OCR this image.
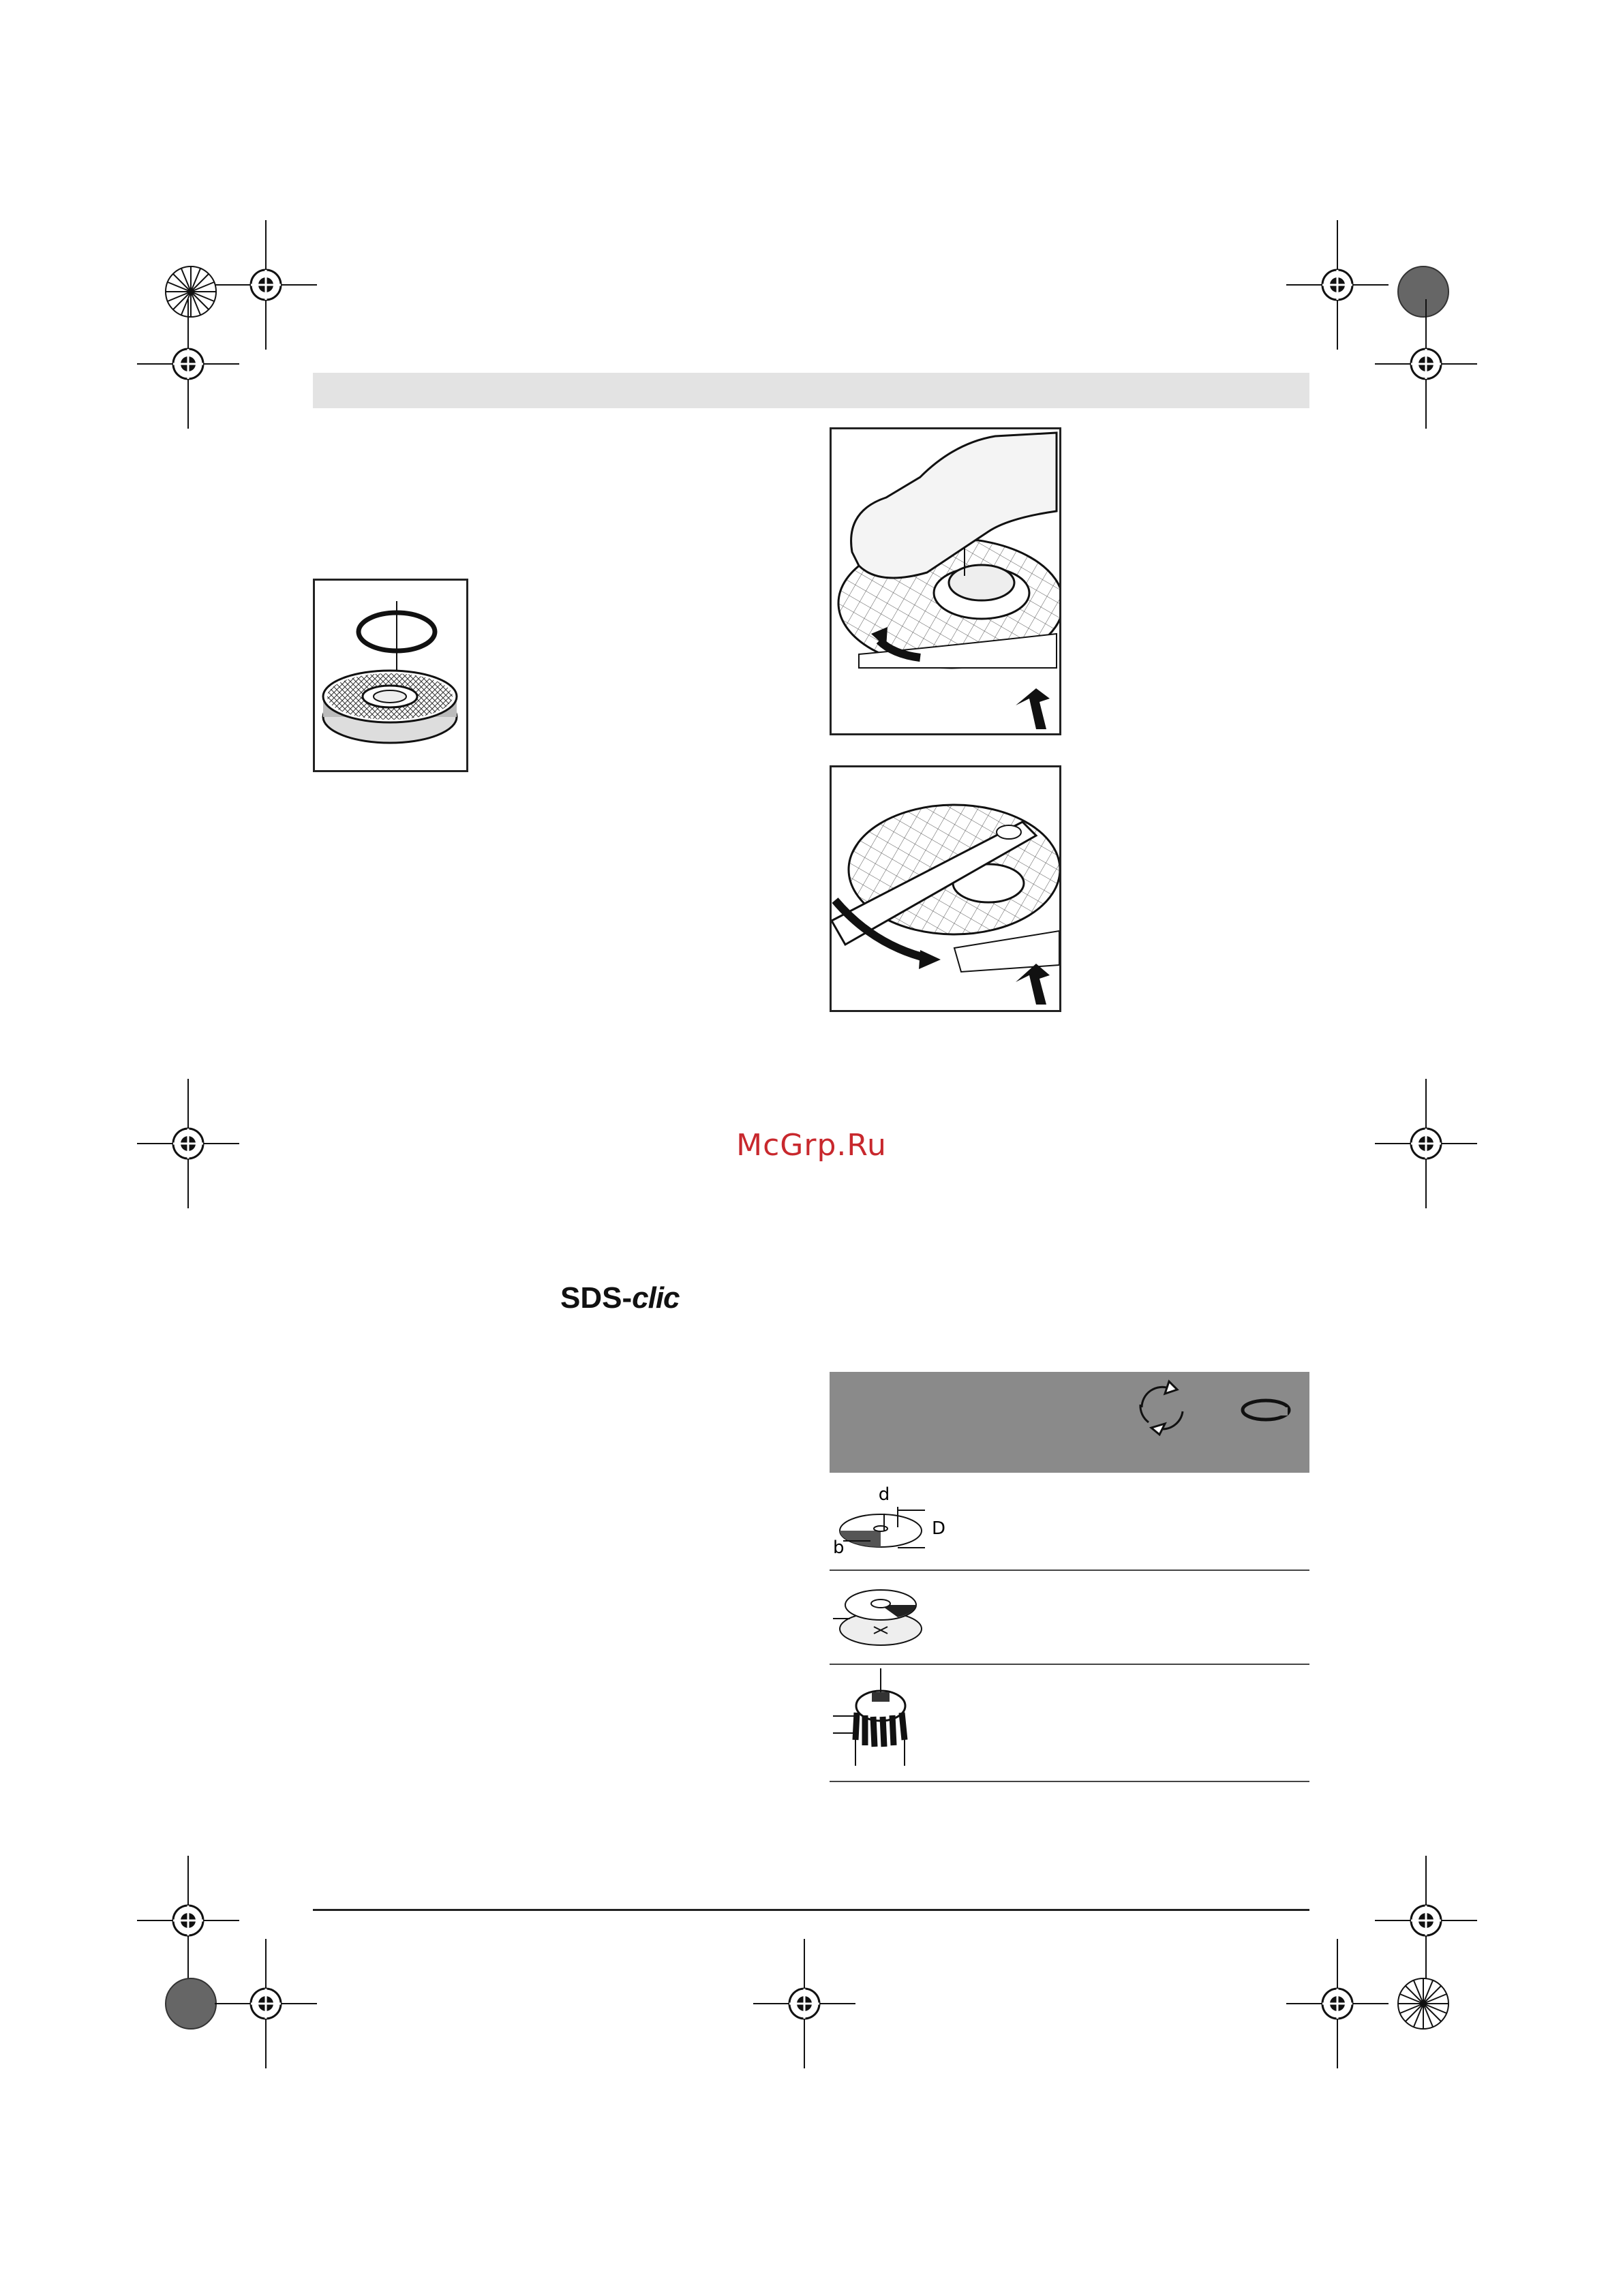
McGrp.Ru
SDS-clic
d
D
b
